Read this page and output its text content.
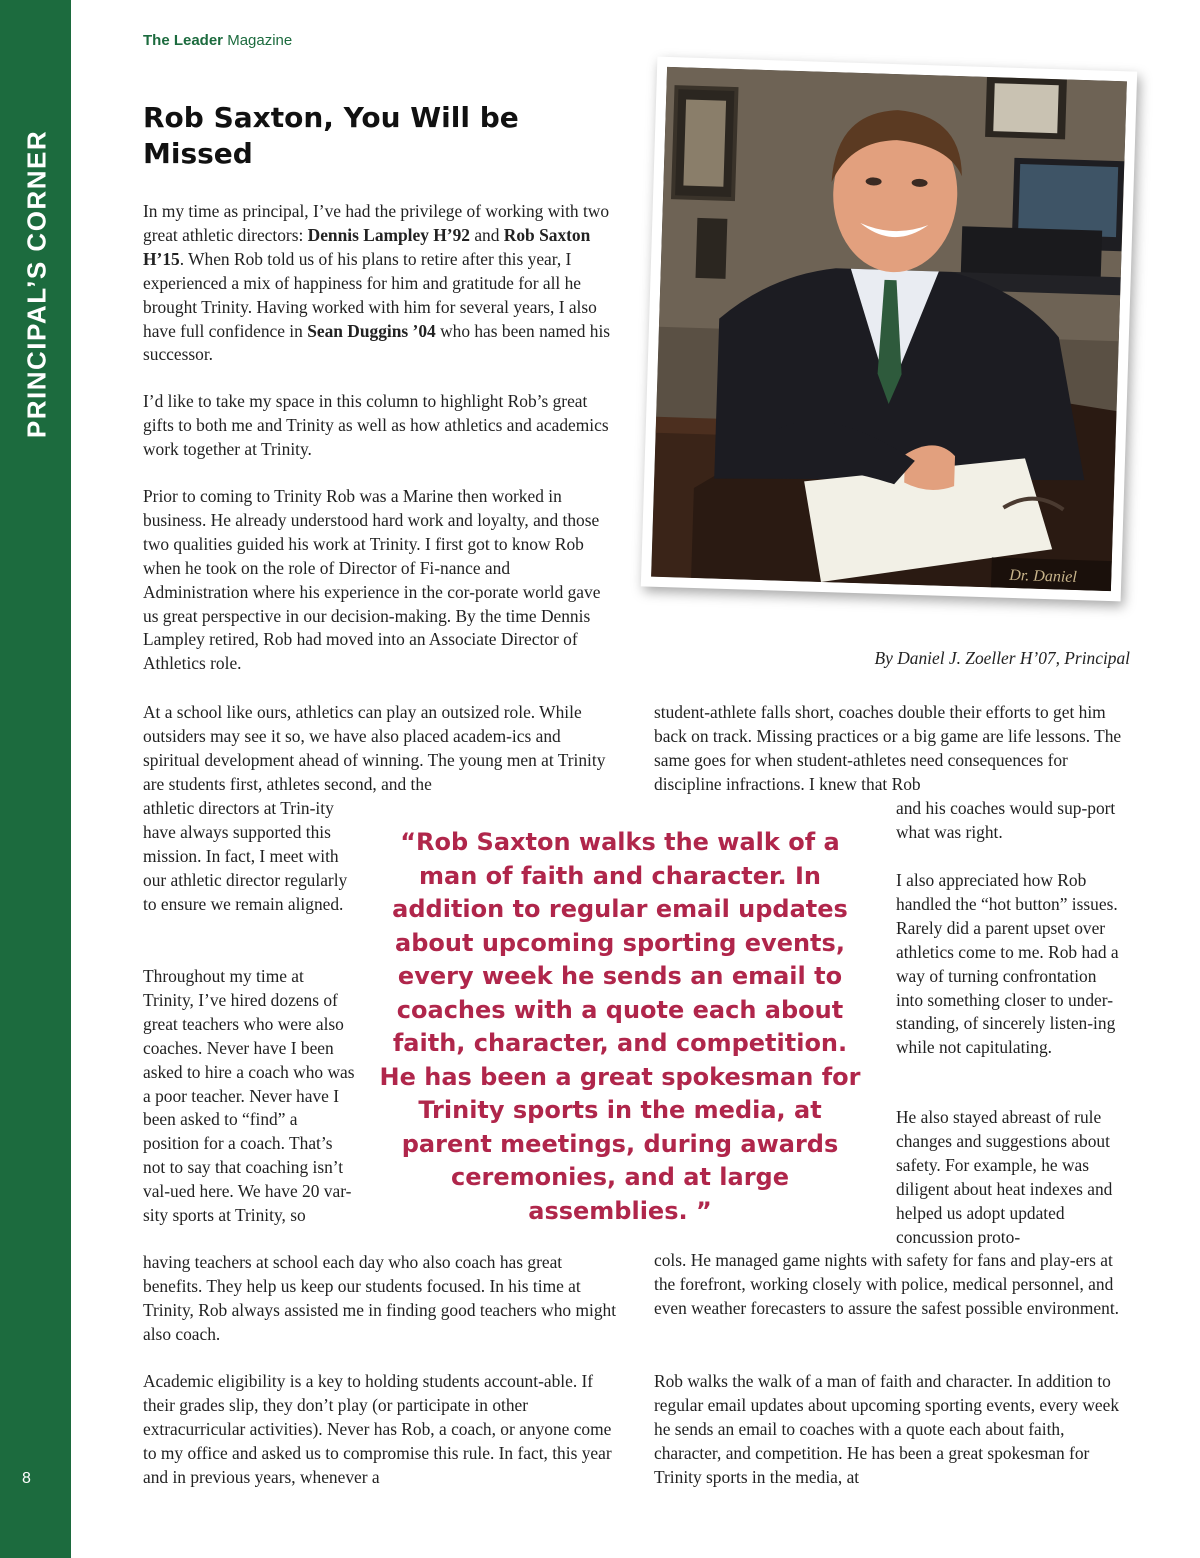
PRINCIPAL’S CORNER
8
The Leader Magazine
Rob Saxton, You Will be Missed

In my time as principal, I’ve had the privilege of working with two great athletic directors: Dennis Lampley H’92 and Rob Saxton H’15. When Rob told us of his plans to retire after this year, I experienced a mix of happiness for him and gratitude for all he brought Trinity. Having worked with him for several years, I also have full confidence in Sean Duggins ’04 who has been named his successor.

I’d like to take my space in this column to highlight Rob’s great gifts to both me and Trinity as well as how athletics and academics work together at Trinity.

Prior to coming to Trinity Rob was a Marine then worked in business. He already understood hard work and loyalty, and those two qualities guided his work at Trinity. I first got to know Rob when he took on the role of Director of Fi-nance and Administration where his experience in the cor-porate world gave us great perspective in our decision-making. By the time Dennis Lampley retired, Rob had moved into an Associate Director of Athletics role.

At a school like ours, athletics can play an outsized role. While outsiders may see it so, we have also placed academ-ics and spiritual development ahead of winning. The young men at Trinity are students first, athletes second, and the

athletic directors at Trin-ity have always supported this mission. In fact, I meet with our athletic director regularly to ensure we remain aligned.

Throughout my time at Trinity, I’ve hired dozens of great teachers who were also coaches. Never have I been asked to hire a coach who was a poor teacher. Never have I been asked to “find” a position for a coach. That’s not to say that coaching isn’t val-ued here. We have 20 var-sity sports at Trinity, so

having teachers at school each day who also coach has great benefits. They help us keep our students focused. In his time at Trinity, Rob always assisted me in finding good teachers who might also coach.

Academic eligibility is a key to holding students account-able. If their grades slip, they don’t play (or participate in other extracurricular activities). Never has Rob, a coach, or anyone come to my office and asked us to compromise this rule. In fact, this year and in previous years, whenever a

student-athlete falls short, coaches double their efforts to get him back on track. Missing practices or a big game are life lessons. The same goes for when student-athletes need consequences for discipline infractions. I knew that Rob

and his coaches would sup-port what was right.

I also appreciated how Rob handled the “hot button” issues. Rarely did a parent upset over athletics come to me. Rob had a way of turning confrontation into something closer to under-standing, of sincerely listen-ing while not capitulating.

He also stayed abreast of rule changes and suggestions about safety. For example, he was diligent about heat indexes and helped us adopt updated concussion proto-

cols. He managed game nights with safety for fans and play-ers at the forefront, working closely with police, medical personnel, and even weather forecasters to assure the safest possible environment.

Rob walks the walk of a man of faith and character. In addition to regular email updates about upcoming sporting events, every week he sends an email to coaches with a quote each about faith, character, and competition. He has been a great spokesman for Trinity sports in the media, at

“Rob Saxton walks the walk of a man of faith and character. In addition to regular email updates about upcoming sporting events, every week he sends an email to coaches with a quote each about faith, character, and competition. He has been a great spokesman for Trinity sports in the media, at parent meetings, during awards ceremonies, and at large assemblies. ”
By Daniel J. Zoeller H’07, Principal
Dr. Daniel
